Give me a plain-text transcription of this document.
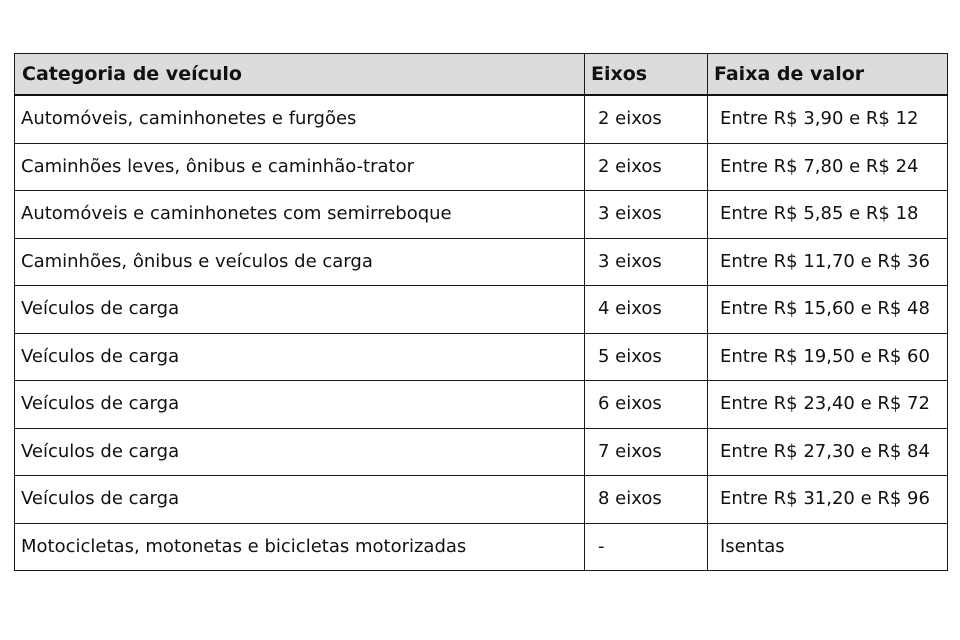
Categoria de veículo	Eixos	Faixa de valor
Automóveis, caminhonetes e furgões	2 eixos	Entre R$ 3,90 e R$ 12
Caminhões leves, ônibus e caminhão-trator	2 eixos	Entre R$ 7,80 e R$ 24
Automóveis e caminhonetes com semirreboque	3 eixos	Entre R$ 5,85 e R$ 18
Caminhões, ônibus e veículos de carga	3 eixos	Entre R$ 11,70 e R$ 36
Veículos de carga	4 eixos	Entre R$ 15,60 e R$ 48
Veículos de carga	5 eixos	Entre R$ 19,50 e R$ 60
Veículos de carga	6 eixos	Entre R$ 23,40 e R$ 72
Veículos de carga	7 eixos	Entre R$ 27,30 e R$ 84
Veículos de carga	8 eixos	Entre R$ 31,20 e R$ 96
Motocicletas, motonetas e bicicletas motorizadas	-	Isentas
